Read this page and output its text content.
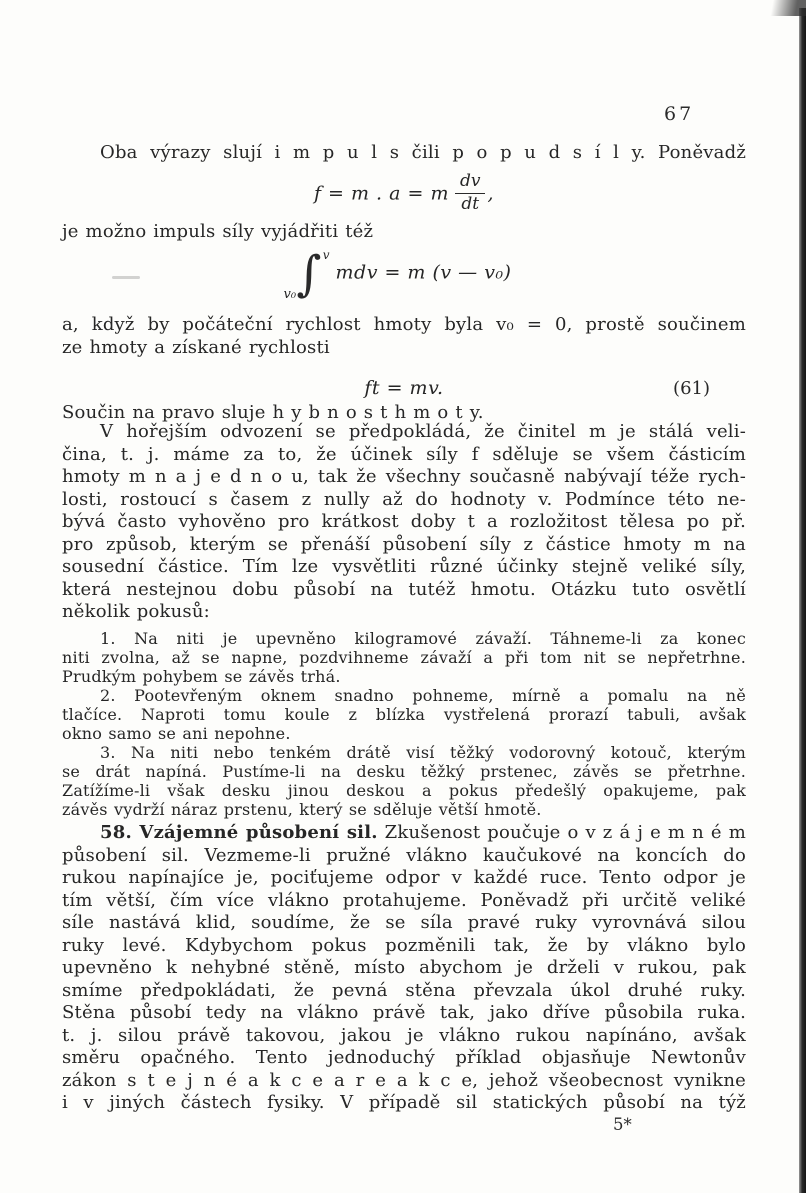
67
Oba výrazy slují i m p u l s čili p o p u d s í l y. Poněvadž
f = m . a = m $\frac{dv}{dt}$ ,
je možno impuls síly vyjádřiti též
∫ v
v₀
mdv = m (v — v₀)
a, když by počáteční rychlost hmoty byla v₀ = 0, prostě součinem
ze hmoty a získané rychlosti
ft = mv.	(61)
Součin na pravo sluje h y b n o s t h m o t y.
V hořejším odvození se předpokládá, že činitel m je stálá veli-
čina, t. j. máme za to, že účinek síly f sděluje se všem částicím
hmoty m n a j e d n o u, tak že všechny současně nabývají téže rych-
losti, rostoucí s časem z nully až do hodnoty v. Podmínce této ne-
bývá často vyhověno pro krátkost doby t a rozložitost tělesa po př.
pro způsob, kterým se přenáší působení síly z částice hmoty m na
sousední částice. Tím lze vysvětliti různé účinky stejně veliké síly,
která nestejnou dobu působí na tutéž hmotu. Otázku tuto osvětlí
několik pokusů:
1. Na niti je upevněno kilogramové závaží. Táhneme-li za konec
niti zvolna, až se napne, pozdvihneme závaží a při tom nit se nepřetrhne.
Prudkým pohybem se závěs trhá.
2. Pootevřeným oknem snadno pohneme, mírně a pomalu na ně
tlačíce. Naproti tomu koule z blízka vystřelená prorazí tabuli, avšak
okno samo se ani nepohne.
3. Na niti nebo tenkém drátě visí těžký vodorovný kotouč, kterým
se drát napíná. Pustíme-li na desku těžký prstenec, závěs se přetrhne.
Zatížíme-li však desku jinou deskou a pokus předešlý opakujeme, pak
závěs vydrží náraz prstenu, který se sděluje větší hmotě.
58. Vzájemné působení sil. Zkušenost poučuje o v z á j e m n é m
působení sil. Vezmeme-li pružné vlákno kaučukové na koncích do
rukou napínajíce je, pociťujeme odpor v každé ruce. Tento odpor je
tím větší, čím více vlákno protahujeme. Poněvadž při určitě veliké
síle nastává klid, soudíme, že se síla pravé ruky vyrovnává silou
ruky levé. Kdybychom pokus pozměnili tak, že by vlákno bylo
upevněno k nehybné stěně, místo abychom je drželi v rukou, pak
smíme předpokládati, že pevná stěna převzala úkol druhé ruky.
Stěna působí tedy na vlákno právě tak, jako dříve působila ruka.
t. j. silou právě takovou, jakou je vlákno rukou napínáno, avšak
směru opačného. Tento jednoduchý příklad objasňuje Newtonův
zákon s t e j n é a k c e a r e a k c e, jehož všeobecnost vynikne
i v jiných částech fysiky. V případě sil statických působí na týž
5*
